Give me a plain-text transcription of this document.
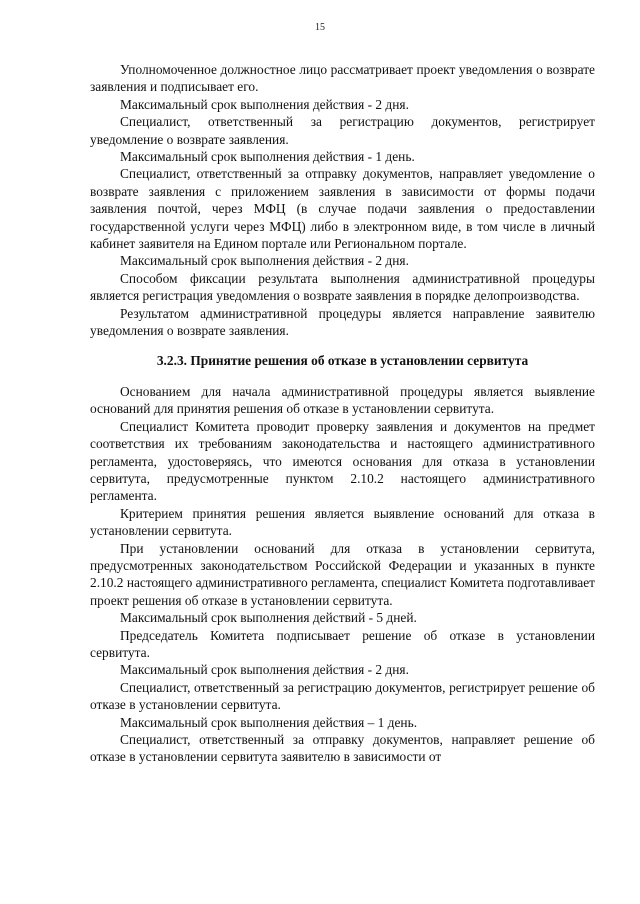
15

Уполномоченное должностное лицо рассматривает проект уведомления о возврате заявления и подписывает его.

Максимальный срок выполнения действия - 2 дня.

Специалист, ответственный за регистрацию документов, регистрирует уведомление о возврате заявления.

Максимальный срок выполнения действия - 1 день.

Специалист, ответственный за отправку документов, направляет уведомление о возврате заявления с приложением заявления в зависимости от формы подачи заявления почтой, через МФЦ (в случае подачи заявления о предоставлении государственной услуги через МФЦ) либо в электронном виде, в том числе в личный кабинет заявителя на Едином портале или Региональном портале.

Максимальный срок выполнения действия - 2 дня.

Способом фиксации результата выполнения административной процедуры является регистрация уведомления о возврате заявления в порядке делопроизводства.

Результатом административной процедуры является направление заявителю уведомления о возврате заявления.

3.2.3. Принятие решения об отказе в установлении сервитута

Основанием для начала административной процедуры является выявление оснований для принятия решения об отказе в установлении сервитута.

Специалист Комитета проводит проверку заявления и документов на предмет соответствия их требованиям законодательства и настоящего административного регламента, удостоверяясь, что имеются основания для отказа в установлении сервитута, предусмотренные пунктом 2.10.2 настоящего административного регламента.

Критерием принятия решения является выявление оснований для отказа в установлении сервитута.

При установлении оснований для отказа в установлении сервитута, предусмотренных законодательством Российской Федерации и указанных в пункте 2.10.2 настоящего административного регламента, специалист Комитета подготавливает проект решения об отказе в установлении сервитута.

Максимальный срок выполнения действий - 5 дней.

Председатель Комитета подписывает решение об отказе в установлении сервитута.

Максимальный срок выполнения действия - 2 дня.

Специалист, ответственный за регистрацию документов, регистрирует решение об отказе в установлении сервитута.

Максимальный срок выполнения действия – 1 день.

Специалист, ответственный за отправку документов, направляет решение об отказе в установлении сервитута заявителю в зависимости от
